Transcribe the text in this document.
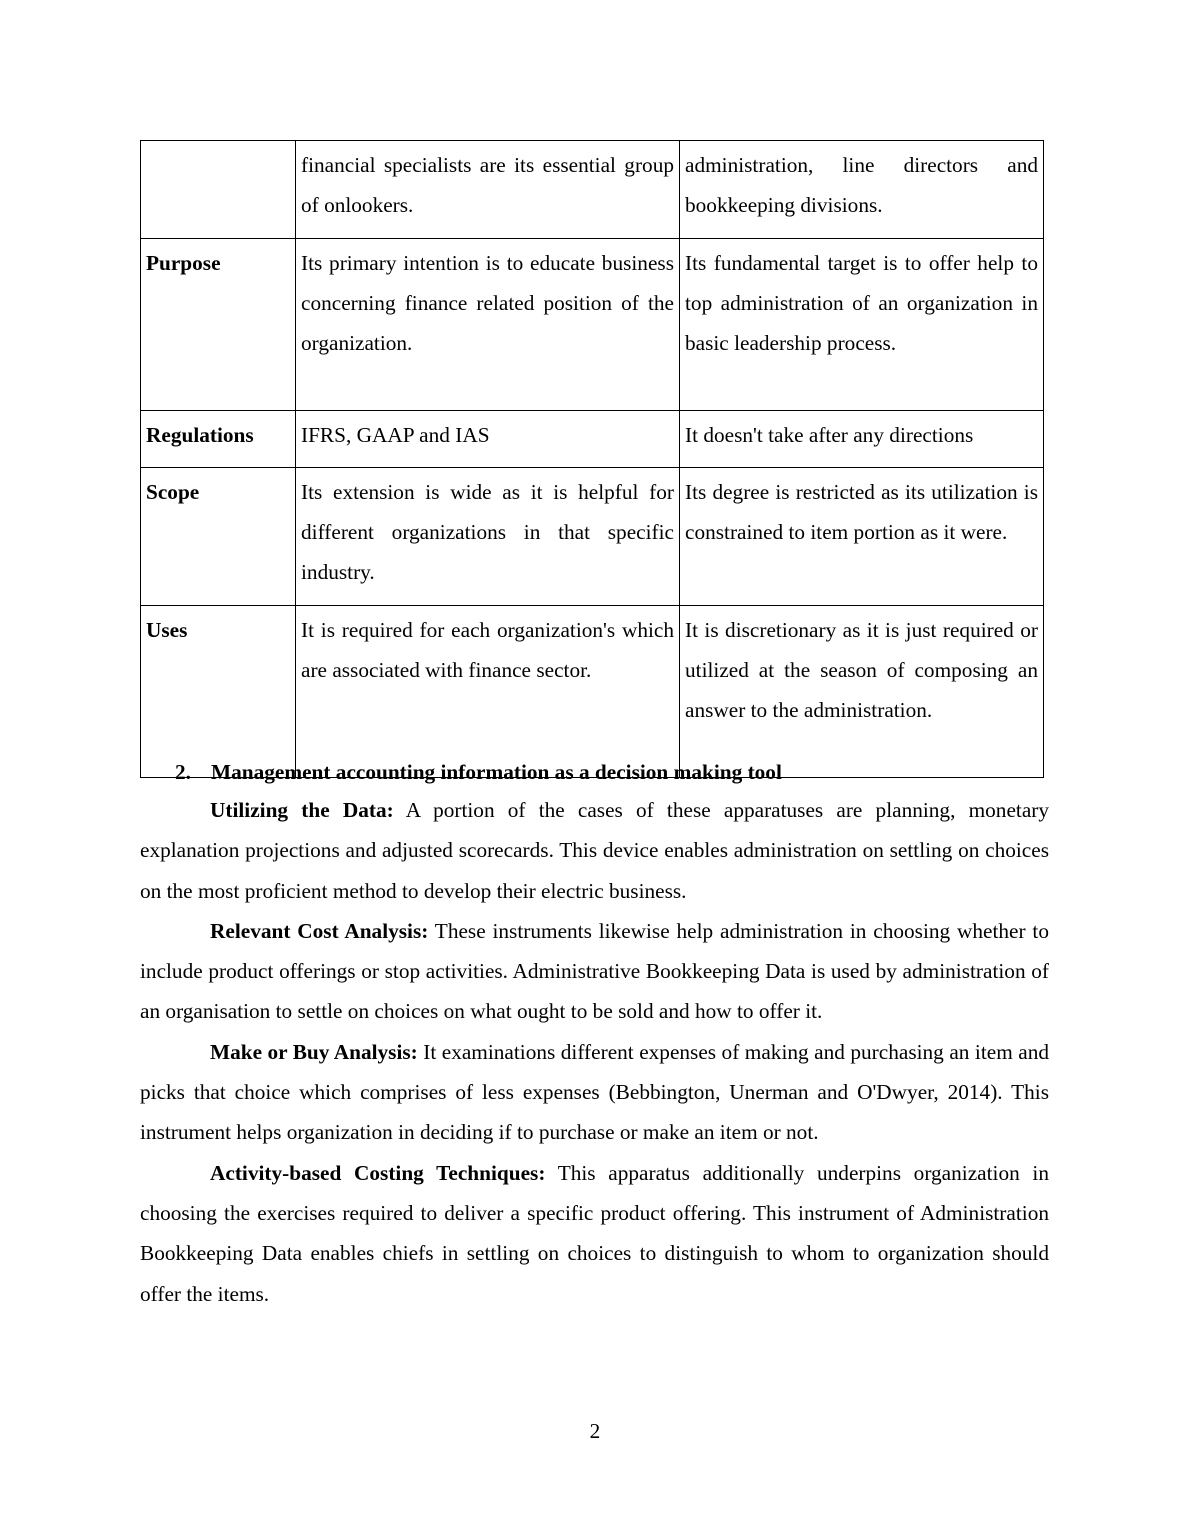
	financial specialists are its essential group of onlookers.	administration, line directors and bookkeeping divisions.
Purpose	Its primary intention is to educate business concerning finance related position of the organization.	Its fundamental target is to offer help to top administration of an organization in basic leadership process.
Regulations	IFRS, GAAP and IAS	It doesn't take after any directions
Scope	Its extension is wide as it is helpful for different organizations in that specific industry.	Its degree is restricted as its utilization is constrained to item portion as it were.
Uses	It is required for each organization's which are associated with finance sector.	It is discretionary as it is just required or utilized at the season of composing an answer to the administration.
2. Management accounting information as a decision making tool

Utilizing the Data: A portion of the cases of these apparatuses are planning, monetary explanation projections and adjusted scorecards. This device enables administration on settling on choices on the most proficient method to develop their electric business.

Relevant Cost Analysis: These instruments likewise help administration in choosing whether to include product offerings or stop activities. Administrative Bookkeeping Data is used by administration of an organisation to settle on choices on what ought to be sold and how to offer it.

Make or Buy Analysis: It examinations different expenses of making and purchasing an item and picks that choice which comprises of less expenses (Bebbington, Unerman and O'Dwyer, 2014). This instrument helps organization in deciding if to purchase or make an item or not.

Activity-based Costing Techniques: This apparatus additionally underpins organization in choosing the exercises required to deliver a specific product offering. This instrument of Administration Bookkeeping Data enables chiefs in settling on choices to distinguish to whom to organization should offer the items.

2
